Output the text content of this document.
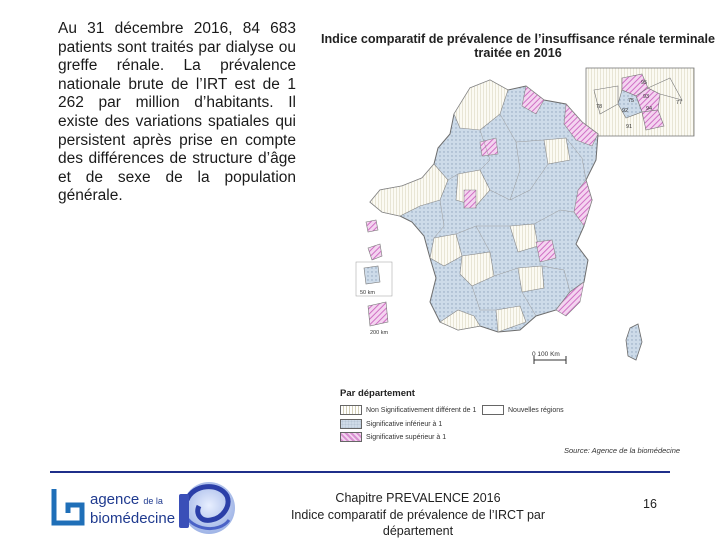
Au 31 décembre 2016, 84 683 patients sont traités par dialyse ou greffe rénale. La prévalence nationale brute de l’IRT est de 1 262 par million d’habitants. Il existe des variations spatiales qui persistent après prise en compte des différences de structure d’âge et de sexe de la population générale.

Indice comparatif de prévalence de l’insuffisance rénale terminale
traitée en 2016
95
93
75
92	94
91
78
77
50 km
200 km
0 100 Km
Par département
Non Significativement différent de 1
Significative inférieur à 1
Significative supérieur à 1
Nouvelles régions
Source: Agence de la biomédecine
agence de la
biomédecine
Chapitre PREVALENCE 2016
Indice comparatif de prévalence de l’IRCT par
département
16
